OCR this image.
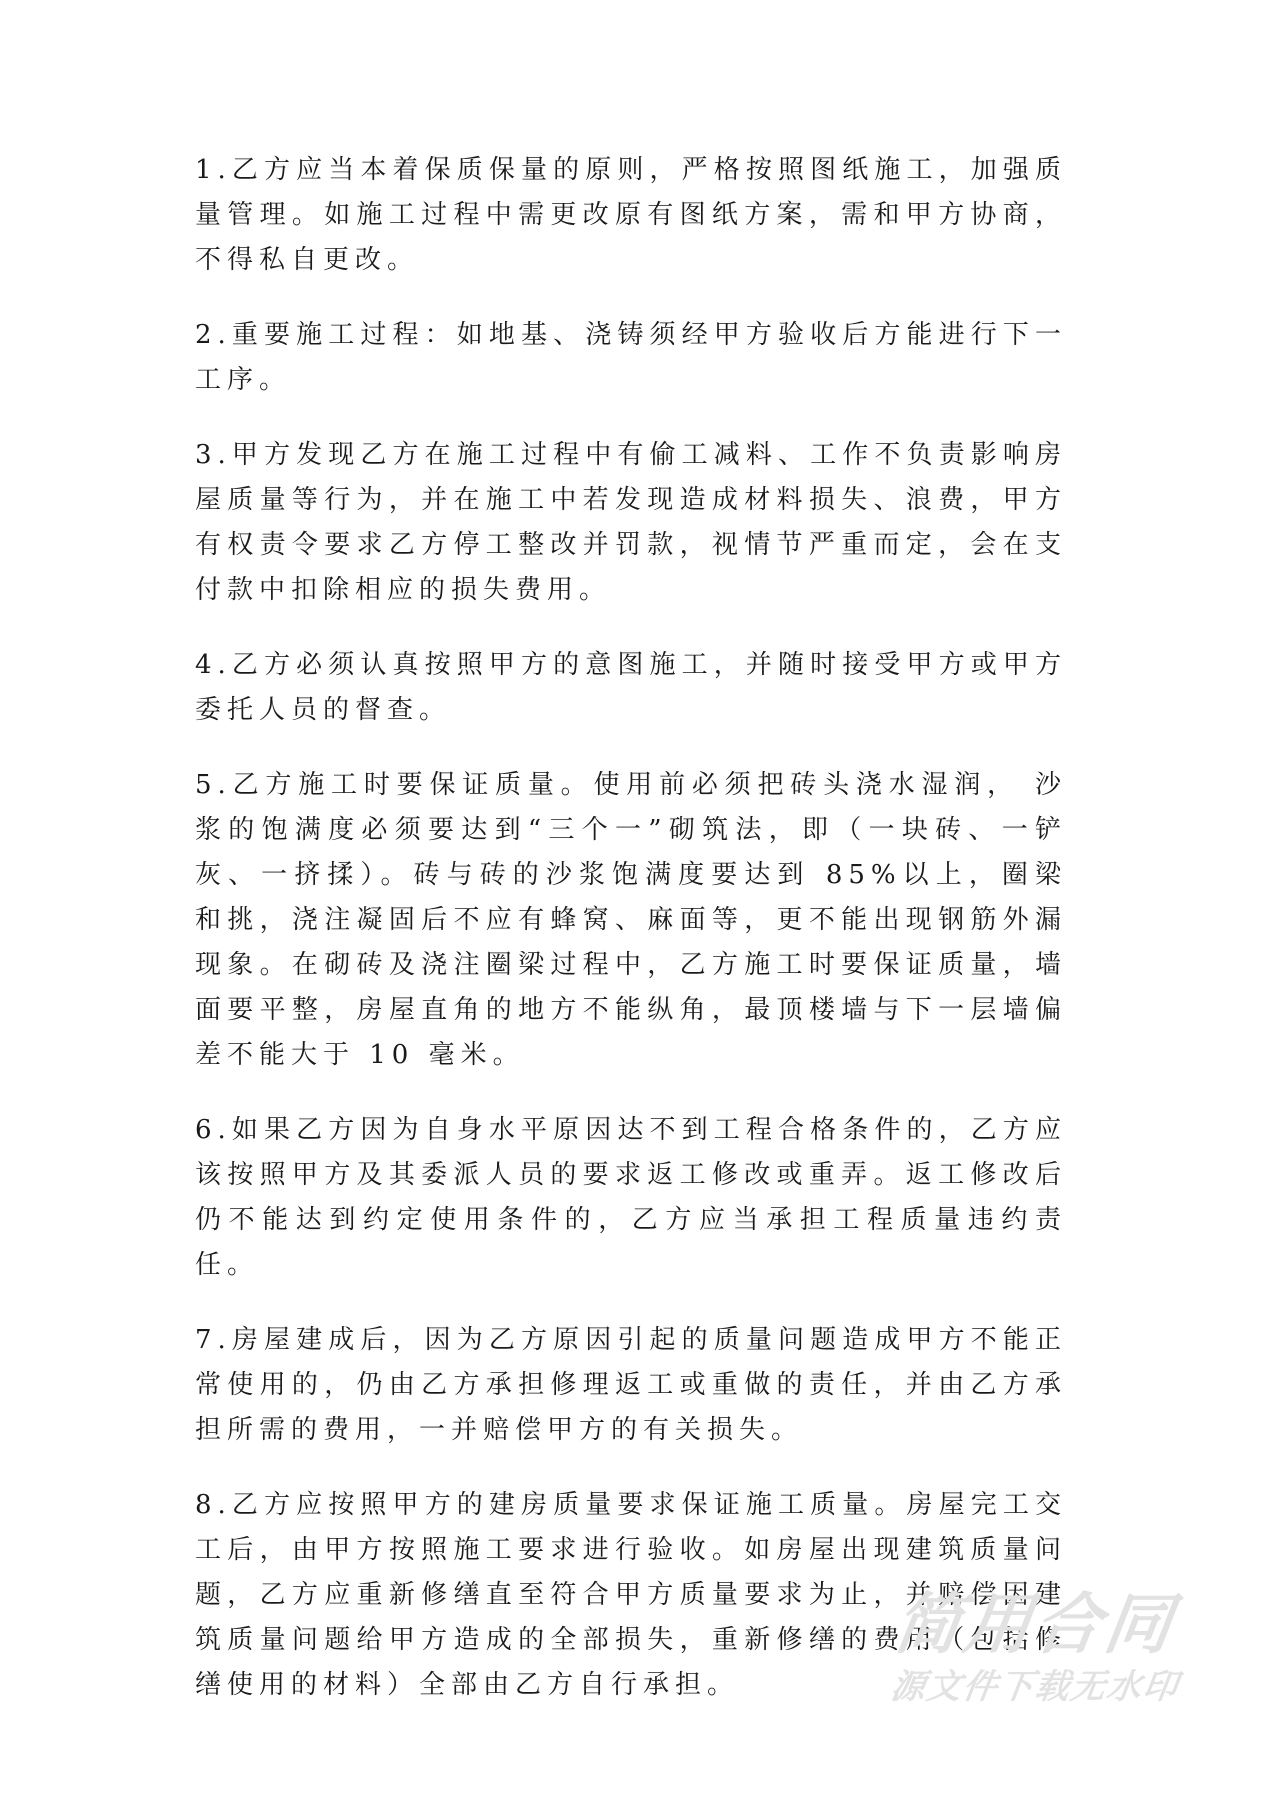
1.乙方应当本着保质保量的原则，严格按照图纸施工，加强质量管理。如施工过程中需更改原有图纸方案，需和甲方协商，不得私自更改。

2.重要施工过程：如地基、浇铸须经甲方验收后方能进行下一工序。

3.甲方发现乙方在施工过程中有偷工减料、工作不负责影响房屋质量等行为，并在施工中若发现造成材料损失、浪费，甲方有权责令要求乙方停工整改并罚款，视情节严重而定，会在支付款中扣除相应的损失费用。

4.乙方必须认真按照甲方的意图施工，并随时接受甲方或甲方委托人员的督查。

5.乙方施工时要保证质量。使用前必须把砖头浇水湿润， 沙浆的饱满度必须要达到“三个一”砌筑法，即（一块砖、一铲灰、一挤揉）。砖与砖的沙浆饱满度要达到 85%以上，圈梁和挑，浇注凝固后不应有蜂窝、麻面等，更不能出现钢筋外漏现象。在砌砖及浇注圈梁过程中，乙方施工时要保证质量，墙面要平整，房屋直角的地方不能纵角，最顶楼墙与下一层墙偏差不能大于 10 毫米。

6.如果乙方因为自身水平原因达不到工程合格条件的，乙方应该按照甲方及其委派人员的要求返工修改或重弄。返工修改后仍不能达到约定使用条件的，乙方应当承担工程质量违约责任。

7.房屋建成后，因为乙方原因引起的质量问题造成甲方不能正常使用的，仍由乙方承担修理返工或重做的责任，并由乙方承担所需的费用，一并赔偿甲方的有关损失。

8.乙方应按照甲方的建房质量要求保证施工质量。房屋完工交工后，由甲方按照施工要求进行验收。如房屋出现建筑质量问题，乙方应重新修缮直至符合甲方质量要求为止，并赔偿因建筑质量问题给甲方造成的全部损失，重新修缮的费用（包括修缮使用的材料）全部由乙方自行承担。

简用合同
源文件下载无水印
